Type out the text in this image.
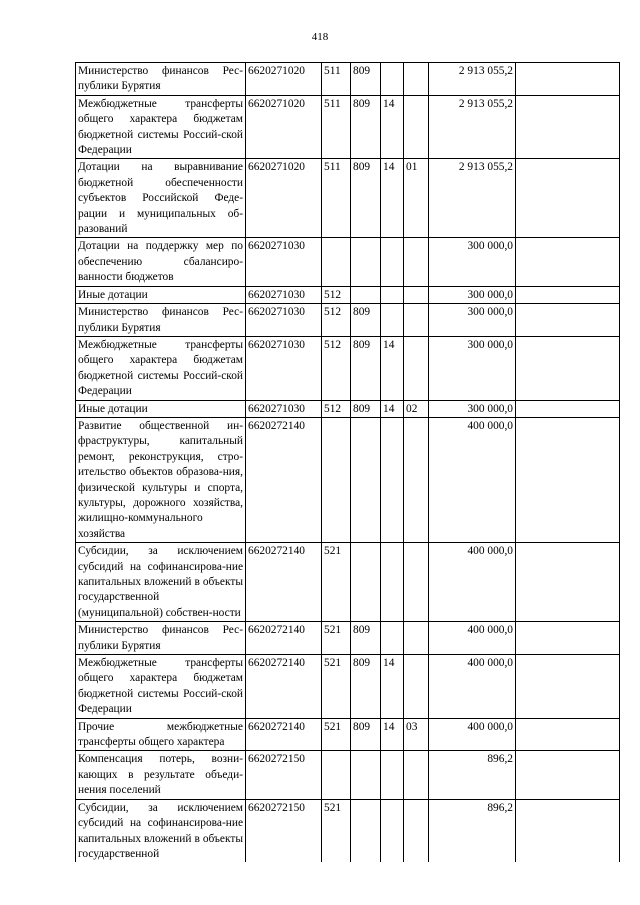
418
Министерство финансов Рес-публики Бурятия	6620271020	511	809			2 913 055,2	
Межбюджетные трансферты общего характера бюджетам бюджетной системы Россий-ской Федерации	6620271020	511	809	14		2 913 055,2	
Дотации на выравнивание бюджетной обеспеченности субъектов Российской Феде-рации и муниципальных об-разований	6620271020	511	809	14	01	2 913 055,2	
Дотации на поддержку мер по обеспечению сбалансиро-ванности бюджетов	6620271030					300 000,0	
Иные дотации	6620271030	512				300 000,0	
Министерство финансов Рес-публики Бурятия	6620271030	512	809			300 000,0	
Межбюджетные трансферты общего характера бюджетам бюджетной системы Россий-ской Федерации	6620271030	512	809	14		300 000,0	
Иные дотации	6620271030	512	809	14	02	300 000,0	
Развитие общественной ин-фраструктуры, капитальный ремонт, реконструкция, стро-ительство объектов образова-ния, физической культуры и спорта, культуры, дорожного хозяйства, жилищно-коммунального хозяйства	6620272140					400 000,0	
Субсидии, за исключением субсидий на софинансирова-ние капитальных вложений в объекты государственной (муниципальной) собствен-ности	6620272140	521				400 000,0	
Министерство финансов Рес-публики Бурятия	6620272140	521	809			400 000,0	
Межбюджетные трансферты общего характера бюджетам бюджетной системы Россий-ской Федерации	6620272140	521	809	14		400 000,0	
Прочие межбюджетные трансферты общего характера	6620272140	521	809	14	03	400 000,0	
Компенсация потерь, возни-кающих в результате объеди-нения поселений	6620272150					896,2	
Субсидии, за исключением субсидий на софинансирова-ние капитальных вложений в объекты государственной	6620272150	521				896,2	
